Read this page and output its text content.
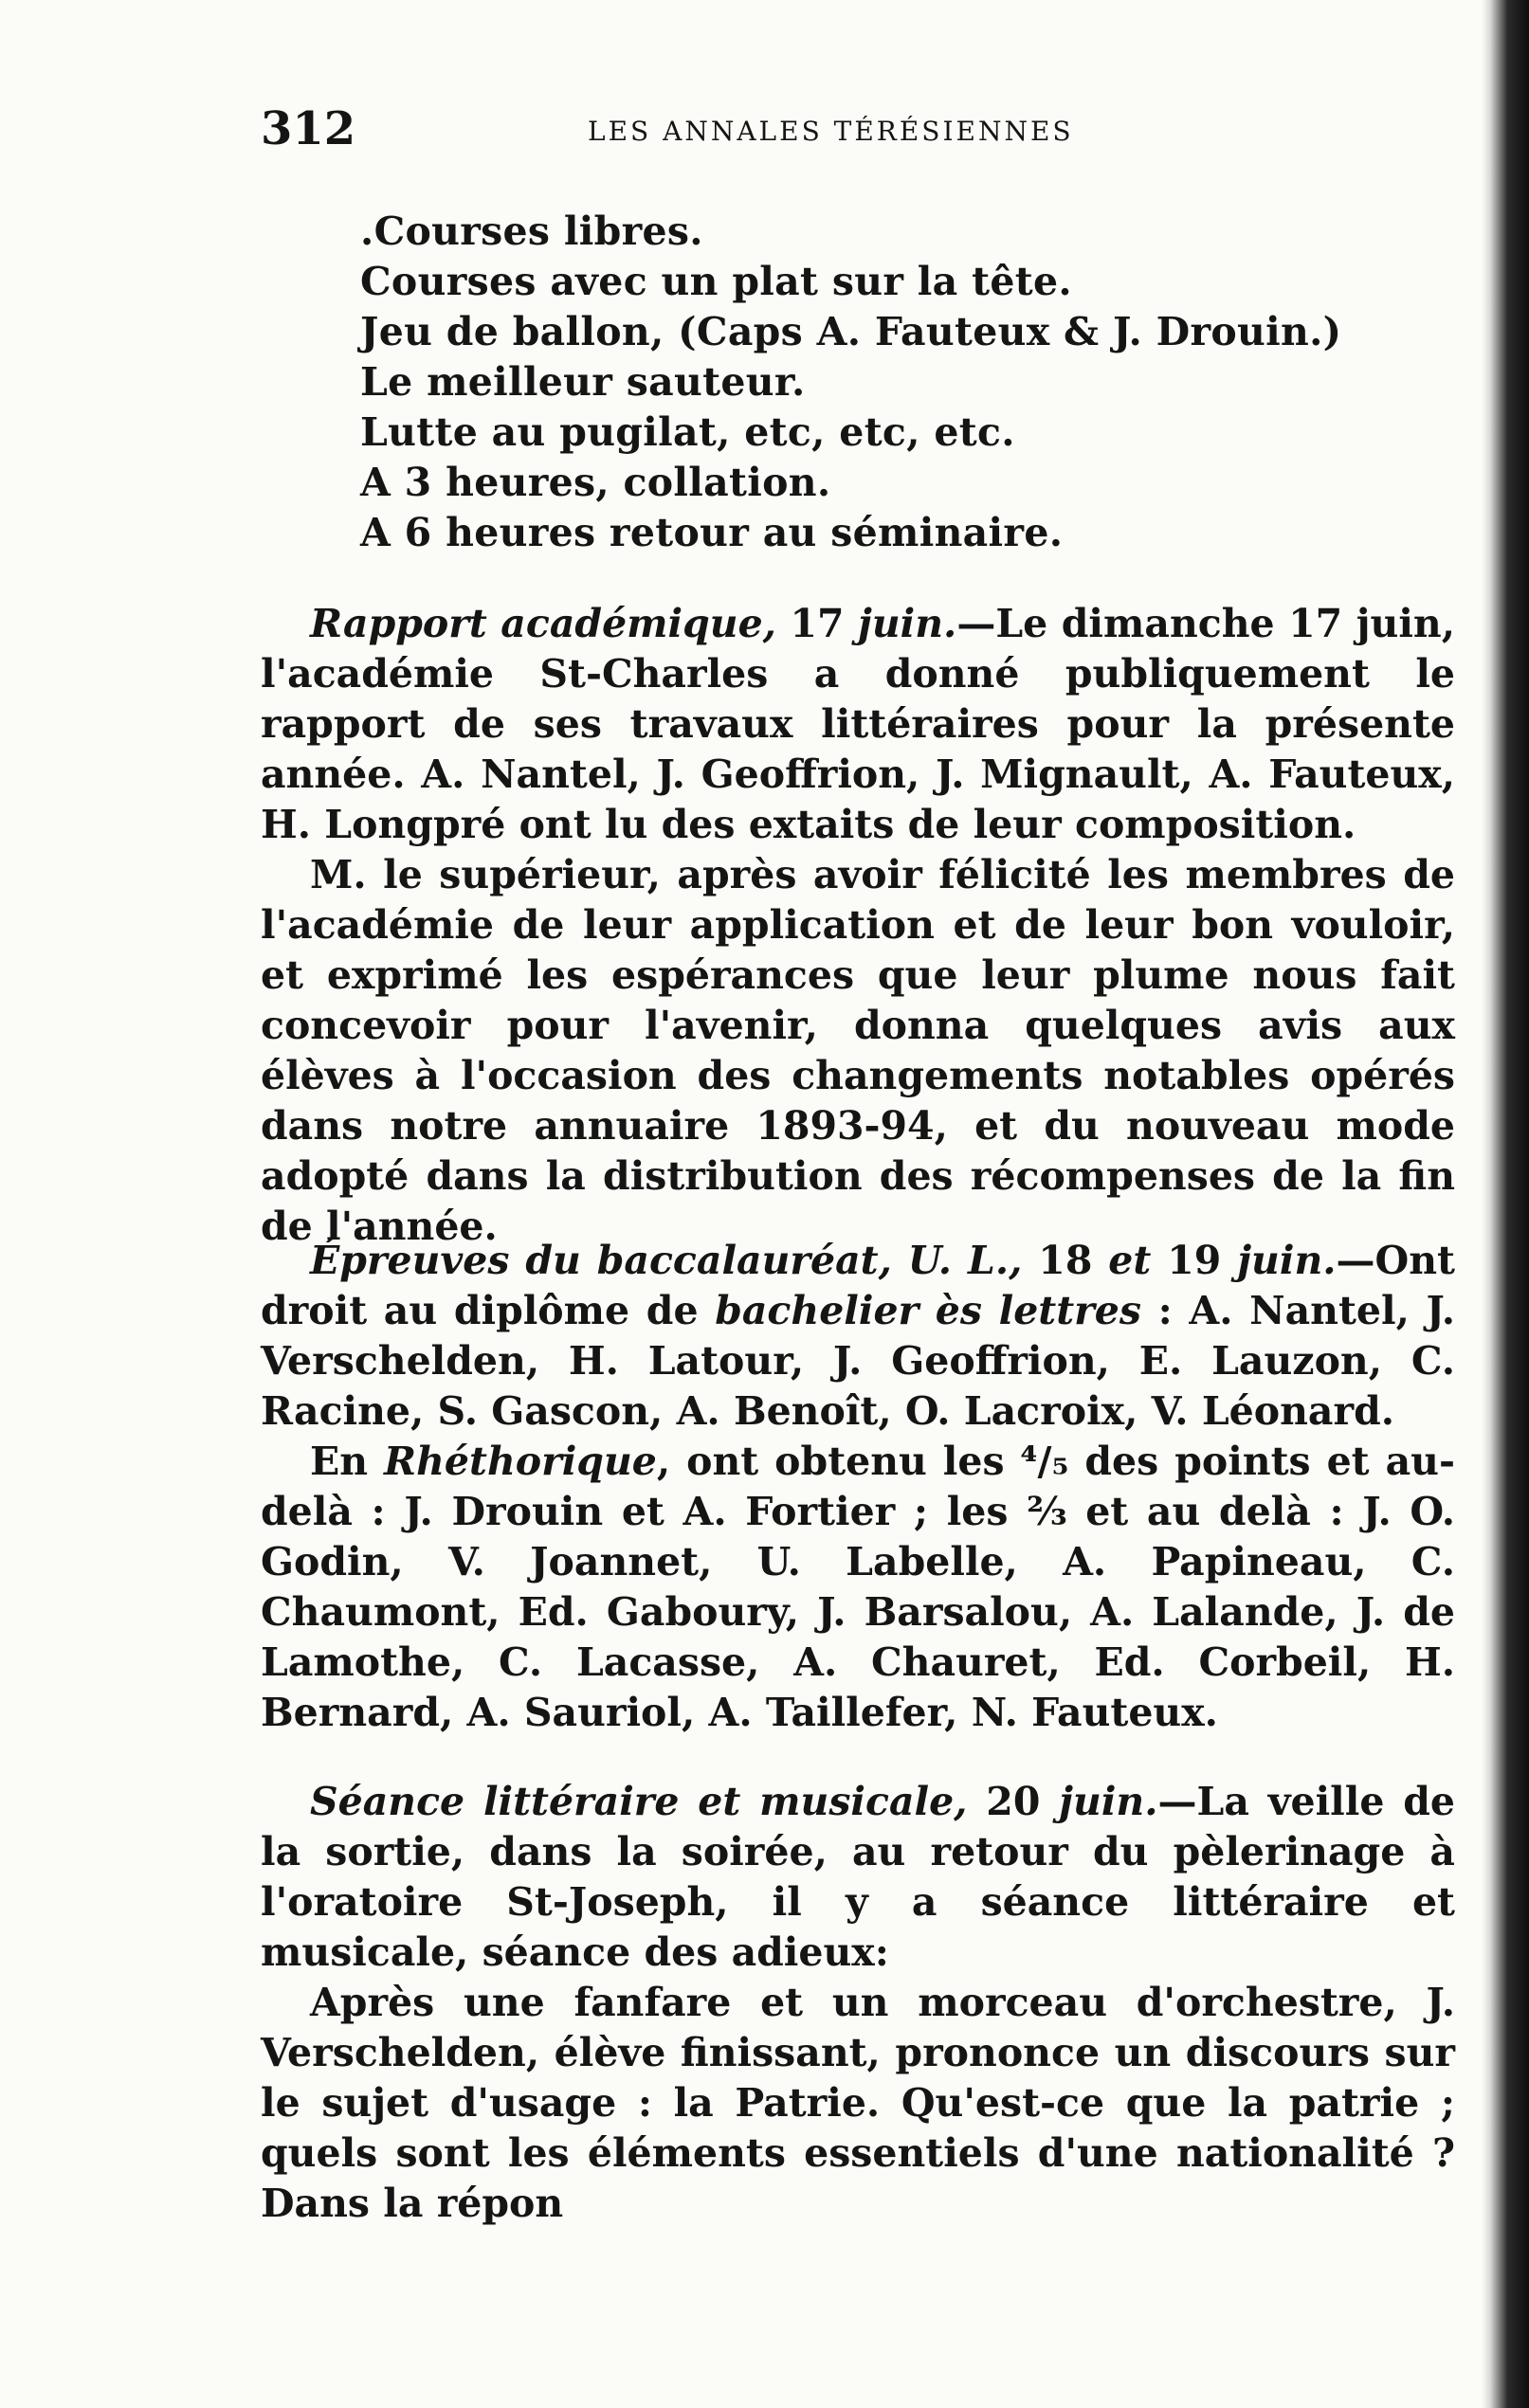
312	LES ANNALES TÉRÉSIENNES
.Courses libres.
Courses avec un plat sur la tête.
Jeu de ballon, (Caps A. Fauteux & J. Drouin.)
Le meilleur sauteur.
Lutte au pugilat, etc, etc, etc.
A 3 heures, collation.
A 6 heures retour au séminaire.

Rapport académique, 17 juin.—Le dimanche 17 juin, l'académie St-Charles a donné publiquement le rapport de ses travaux littéraires pour la présente année. A. Nantel, J. Geoffrion, J. Mignault, A. Fauteux, H. Longpré ont lu des extaits de leur composition.

M. le supérieur, après avoir félicité les membres de l'académie de leur application et de leur bon vouloir, et exprimé les espérances que leur plume nous fait concevoir pour l'avenir, donna quelques avis aux élèves à l'occasion des changements notables opérés dans notre annuaire 1893-94, et du nouveau mode adopté dans la distribution des récompenses de la fin de l'année.

Épreuves du baccalauréat, U. L., 18 et 19 juin.—Ont droit au diplôme de bachelier ès lettres : A. Nantel, J. Verschelden, H. Latour, J. Geoffrion, E. Lauzon, C. Racine, S. Gascon, A. Benoît, O. Lacroix, V. Léonard.

En Rhéthorique, ont obtenu les ⁴/₅ des points et au-delà : J. Drouin et A. Fortier ; les ⅔ et au delà : J. O. Godin, V. Joannet, U. Labelle, A. Papineau, C. Chaumont, Ed. Gaboury, J. Barsalou, A. Lalande, J. de Lamothe, C. Lacasse, A. Chauret, Ed. Corbeil, H. Bernard, A. Sauriol, A. Taillefer, N. Fauteux.

Séance littéraire et musicale, 20 juin.—La veille de la sortie, dans la soirée, au retour du pèlerinage à l'oratoire St-Joseph, il y a séance littéraire et musicale, séance des adieux:

Après une fanfare et un morceau d'orchestre, J. Verschelden, élève finissant, prononce un discours sur le sujet d'usage : la Patrie. Qu'est-ce que la patrie ; quels sont les éléments essentiels d'une nationalité ? Dans la répon
